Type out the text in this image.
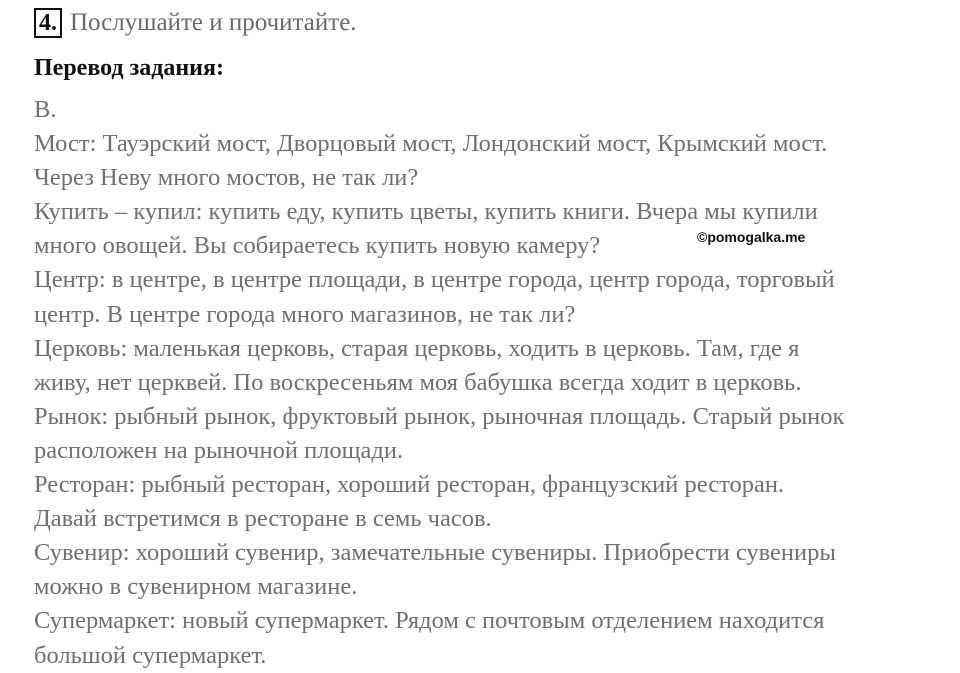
4. Послушайте и прочитайте.
Перевод задания:
B.
Мост: Тауэрский мост, Дворцовый мост, Лондонский мост, Крымский мост.
Через Неву много мостов, не так ли?
Купить – купил: купить еду, купить цветы, купить книги. Вчера мы купили
много овощей. Вы собираетесь купить новую камеру?
Центр: в центре, в центре площади, в центре города, центр города, торговый
центр. В центре города много магазинов, не так ли?
Церковь: маленькая церковь, старая церковь, ходить в церковь. Там, где я
живу, нет церквей. По воскресеньям моя бабушка всегда ходит в церковь.
Рынок: рыбный рынок, фруктовый рынок, рыночная площадь. Старый рынок
расположен на рыночной площади.
Ресторан: рыбный ресторан, хороший ресторан, французский ресторан.
Давай встретимся в ресторане в семь часов.
Сувенир: хороший сувенир, замечательные сувениры. Приобрести сувениры
можно в сувенирном магазине.
Супермаркет: новый супермаркет. Рядом с почтовым отделением находится
большой супермаркет.
©pomogalka.me
